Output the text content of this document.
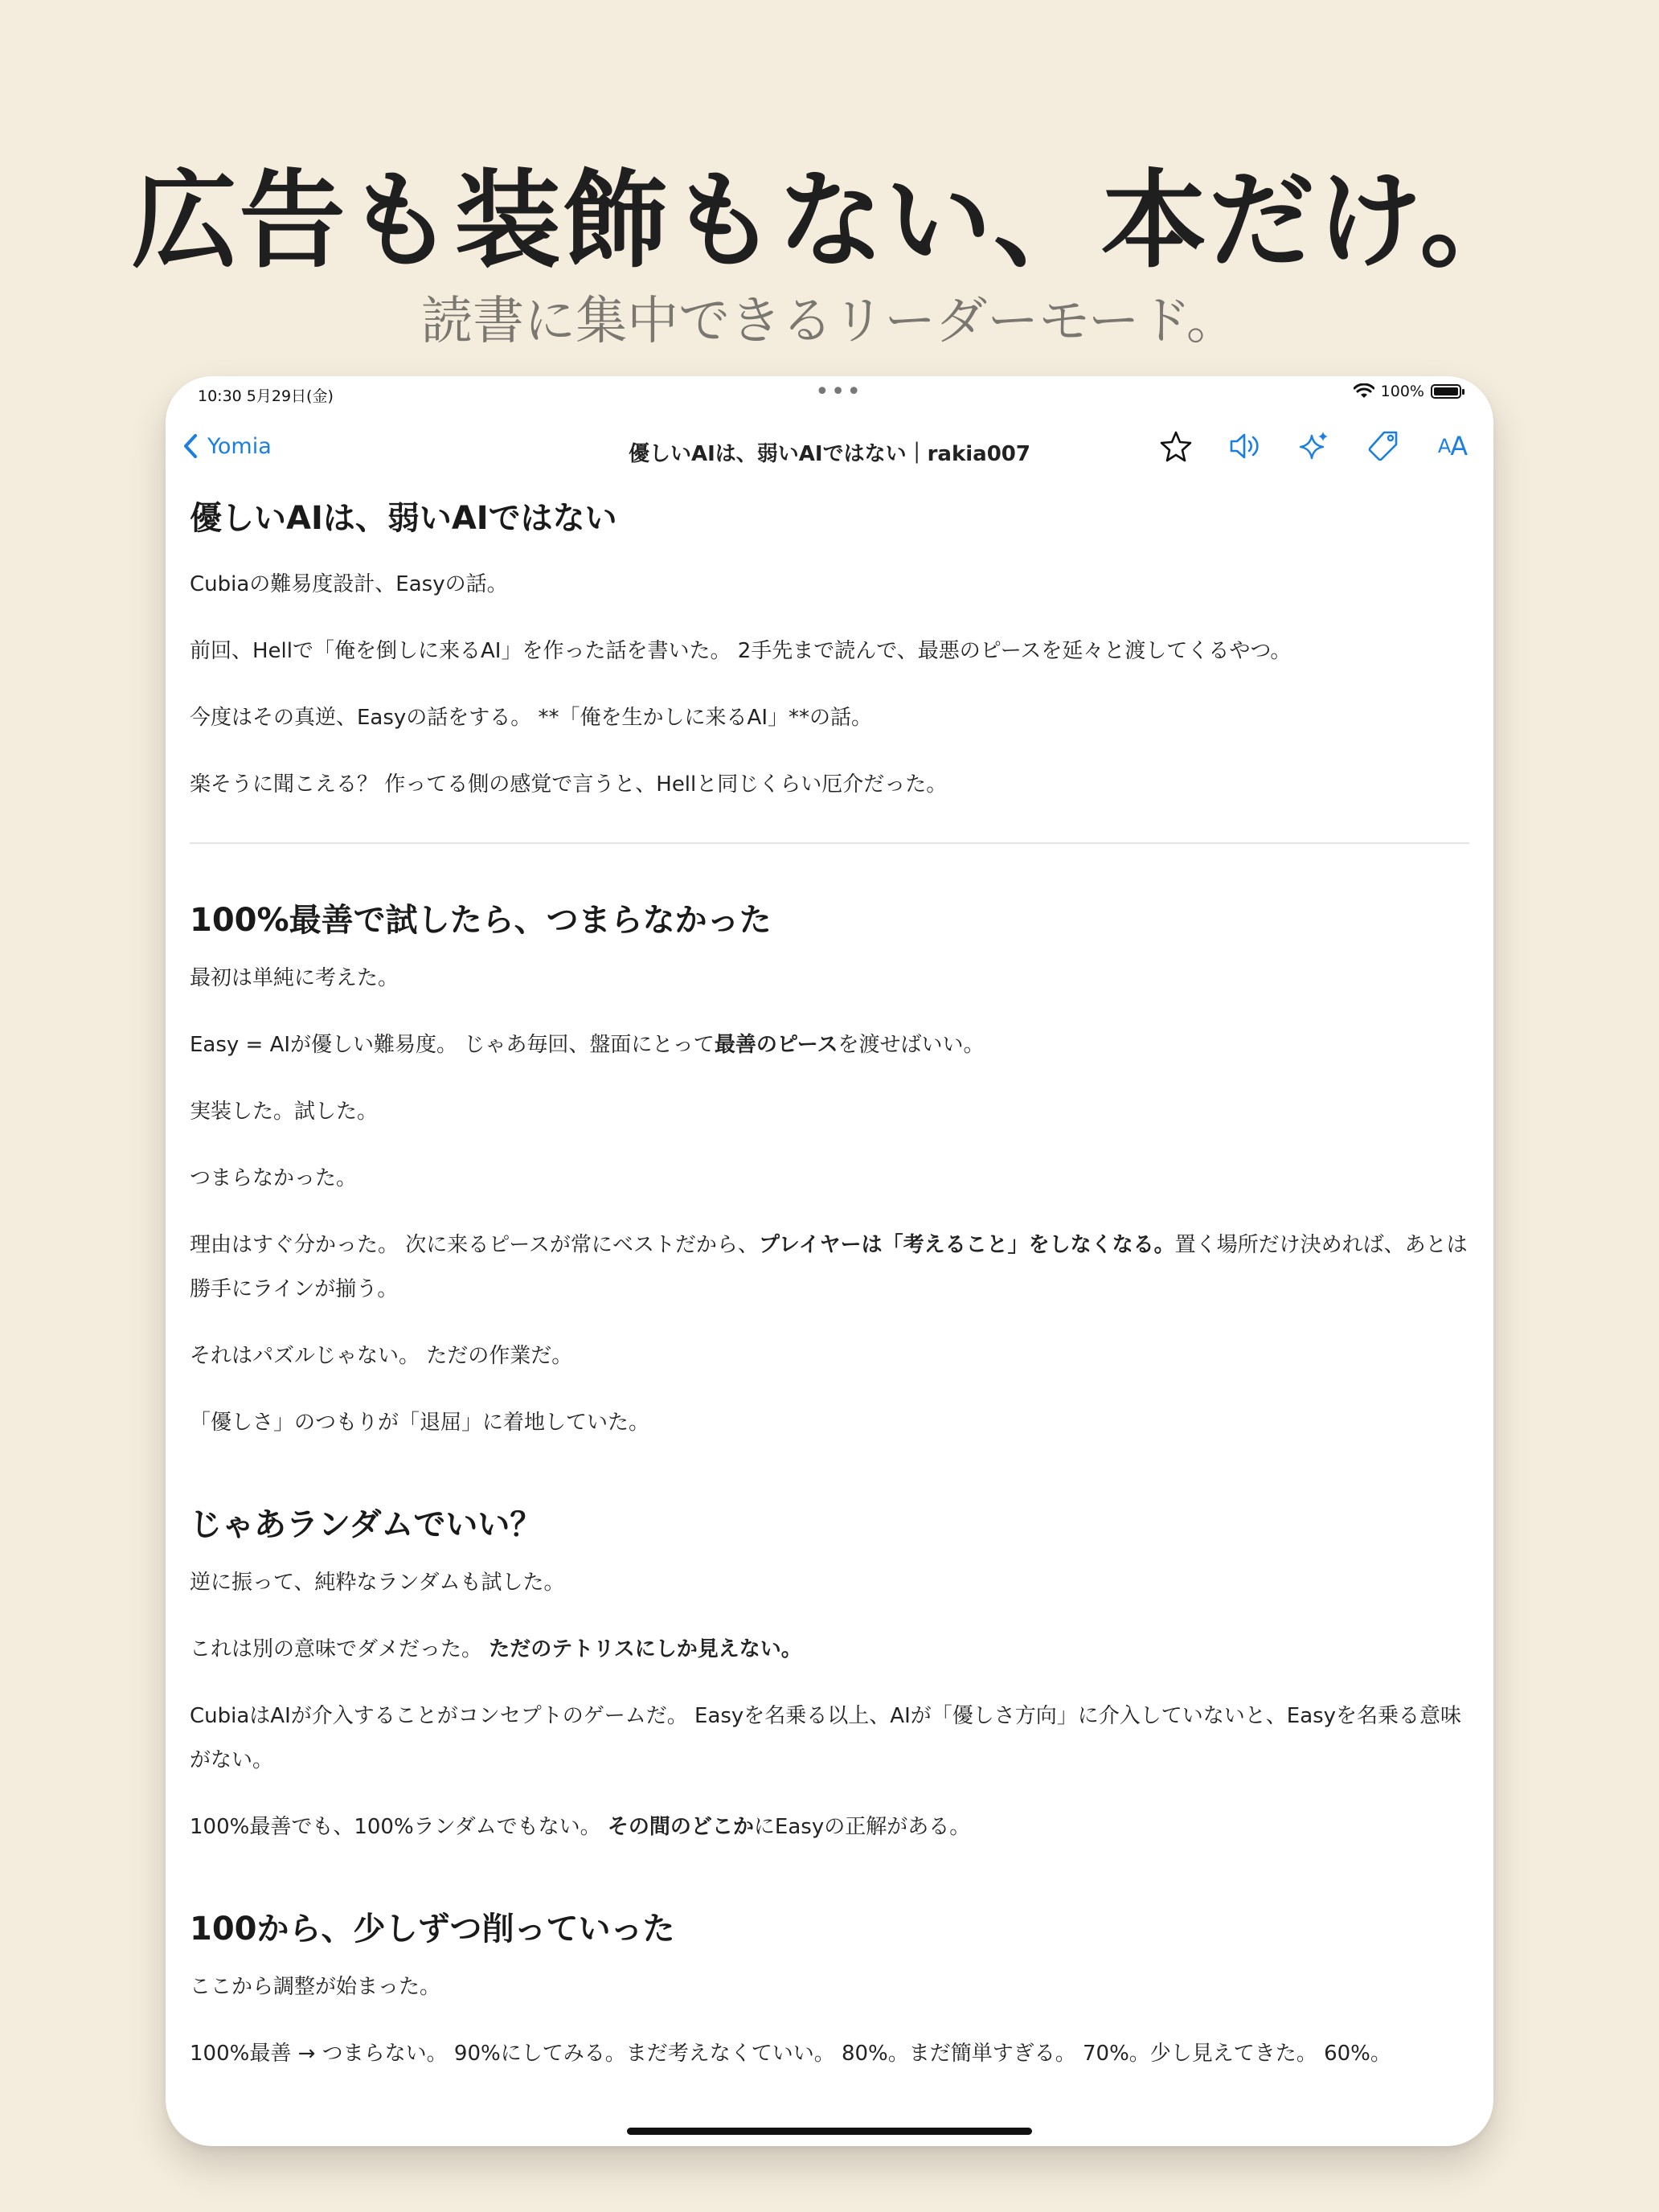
広告も装飾もない、本だけ。
読書に集中できるリーダーモード。
10:30 5月29日(金)	•••	100%
Yomia	優しいAIは、弱いAIではない｜rakia007	A A
優しいAIは、弱いAIではない

Cubiaの難易度設計、Easyの話。

前回、Hellで「俺を倒しに来るAI」を作った話を書いた。 2手先まで読んで、最悪のピースを延々と渡してくるやつ。

今度はその真逆、Easyの話をする。 **「俺を生かしに来るAI」**の話。

楽そうに聞こえる？ 作ってる側の感覚で言うと、Hellと同じくらい厄介だった。

100%最善で試したら、つまらなかった

最初は単純に考えた。

Easy = AIが優しい難易度。 じゃあ毎回、盤面にとって最善のピースを渡せばいい。

実装した。試した。

つまらなかった。

理由はすぐ分かった。 次に来るピースが常にベストだから、プレイヤーは「考えること」をしなくなる。置く場所だけ決めれば、あとは勝手にラインが揃う。

それはパズルじゃない。 ただの作業だ。

「優しさ」のつもりが「退屈」に着地していた。

じゃあランダムでいい？

逆に振って、純粋なランダムも試した。

これは別の意味でダメだった。 ただのテトリスにしか見えない。

CubiaはAIが介入することがコンセプトのゲームだ。 Easyを名乗る以上、AIが「優しさ方向」に介入していないと、Easyを名乗る意味がない。

100%最善でも、100%ランダムでもない。 その間のどこかにEasyの正解がある。

100から、少しずつ削っていった

ここから調整が始まった。

100%最善 → つまらない。 90%にしてみる。まだ考えなくていい。 80%。まだ簡単すぎる。 70%。少し見えてきた。 60%。
